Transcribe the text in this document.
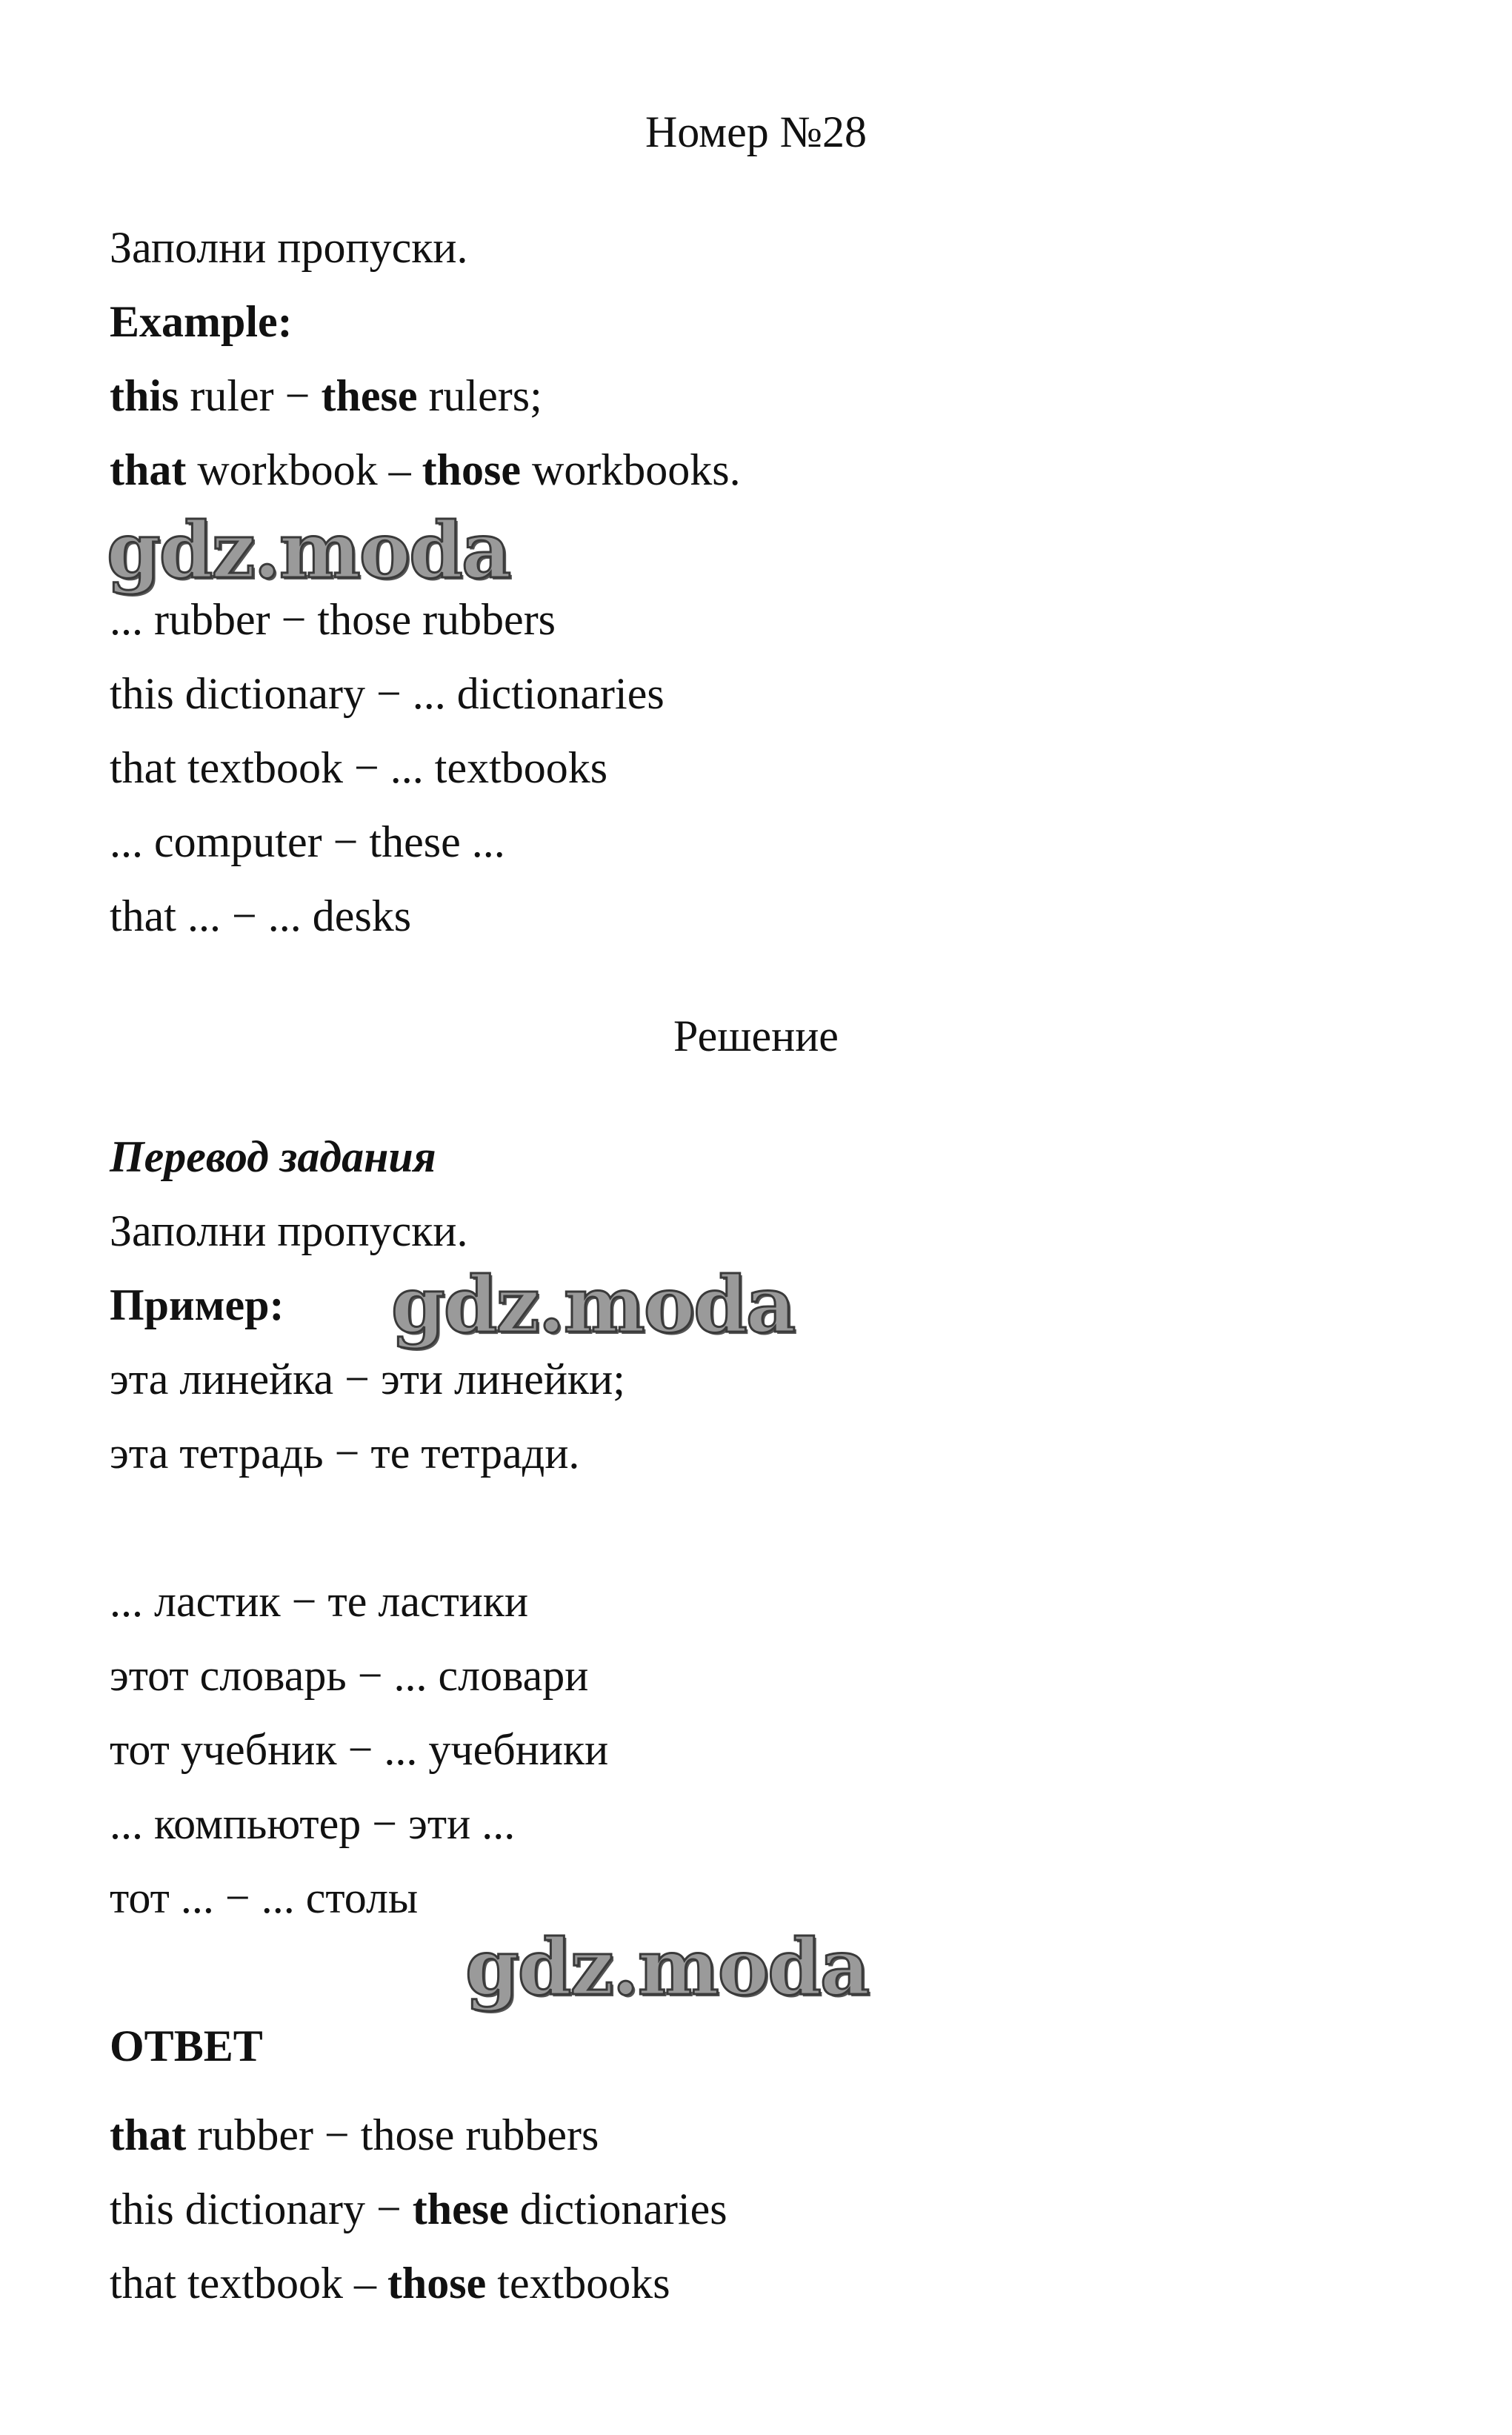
Номер №28
Заполни пропуски.
Example:
this ruler − these rulers;
that workbook – those workbooks.
gdz.moda
... rubber − those rubbers
this dictionary − ... dictionaries
that textbook − ... textbooks
... computer − these ...
that ... − ... desks
Решение
Перевод задания
Заполни пропуски.
Пример: gdz.moda
эта линейка − эти линейки;
эта тетрадь − те тетради.
... ластик − те ластики
этот словарь − ... словари
тот учебник − ... учебники
... компьютер − эти ...
тот ... − ... столы
gdz.moda
ОТВЕТ
that rubber − those rubbers
this dictionary − these dictionaries
that textbook – those textbooks
